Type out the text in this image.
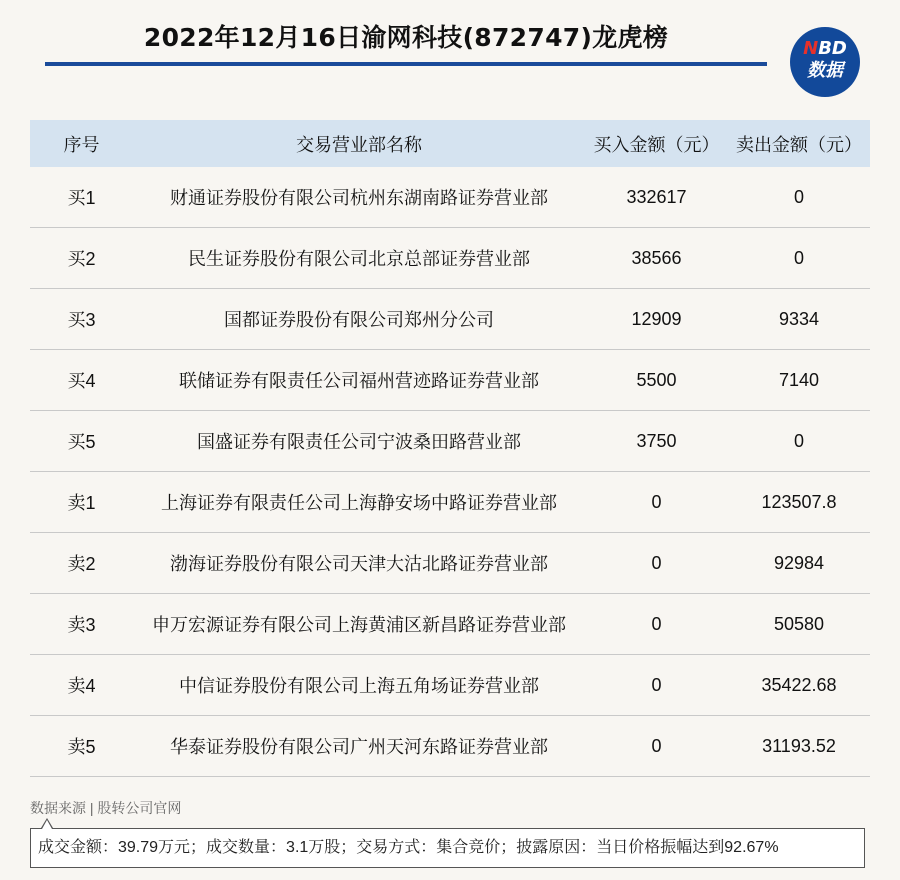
2022年12月16日渝网科技(872747)龙虎榜	NBD
数据
序号	交易营业部名称	买入金额（元） 卖出金额（元）
买1	财通证券股份有限公司杭州东湖南路证券营业部	332617	0
买2	民生证券股份有限公司北京总部证券营业部	38566	0
买3	国都证券股份有限公司郑州分公司	12909	9334
买4	联储证券有限责任公司福州营迹路证券营业部	5500	7140
买5	国盛证券有限责任公司宁波桑田路营业部	3750	0
卖1	上海证券有限责任公司上海静安场中路证券营业部	0	123507.8
卖2	渤海证券股份有限公司天津大沽北路证券营业部	0	92984
卖3	申万宏源证券有限公司上海黄浦区新昌路证券营业部	0	50580
卖4	中信证券股份有限公司上海五角场证券营业部	0	35422.68
卖5	华泰证券股份有限公司广州天河东路证券营业部	0	31193.52
数据来源 | 股转公司官网
成交金额：39.79万元；成交数量：3.1万股；交易方式：集合竞价；披露原因：当日价格振幅达到92.67%
